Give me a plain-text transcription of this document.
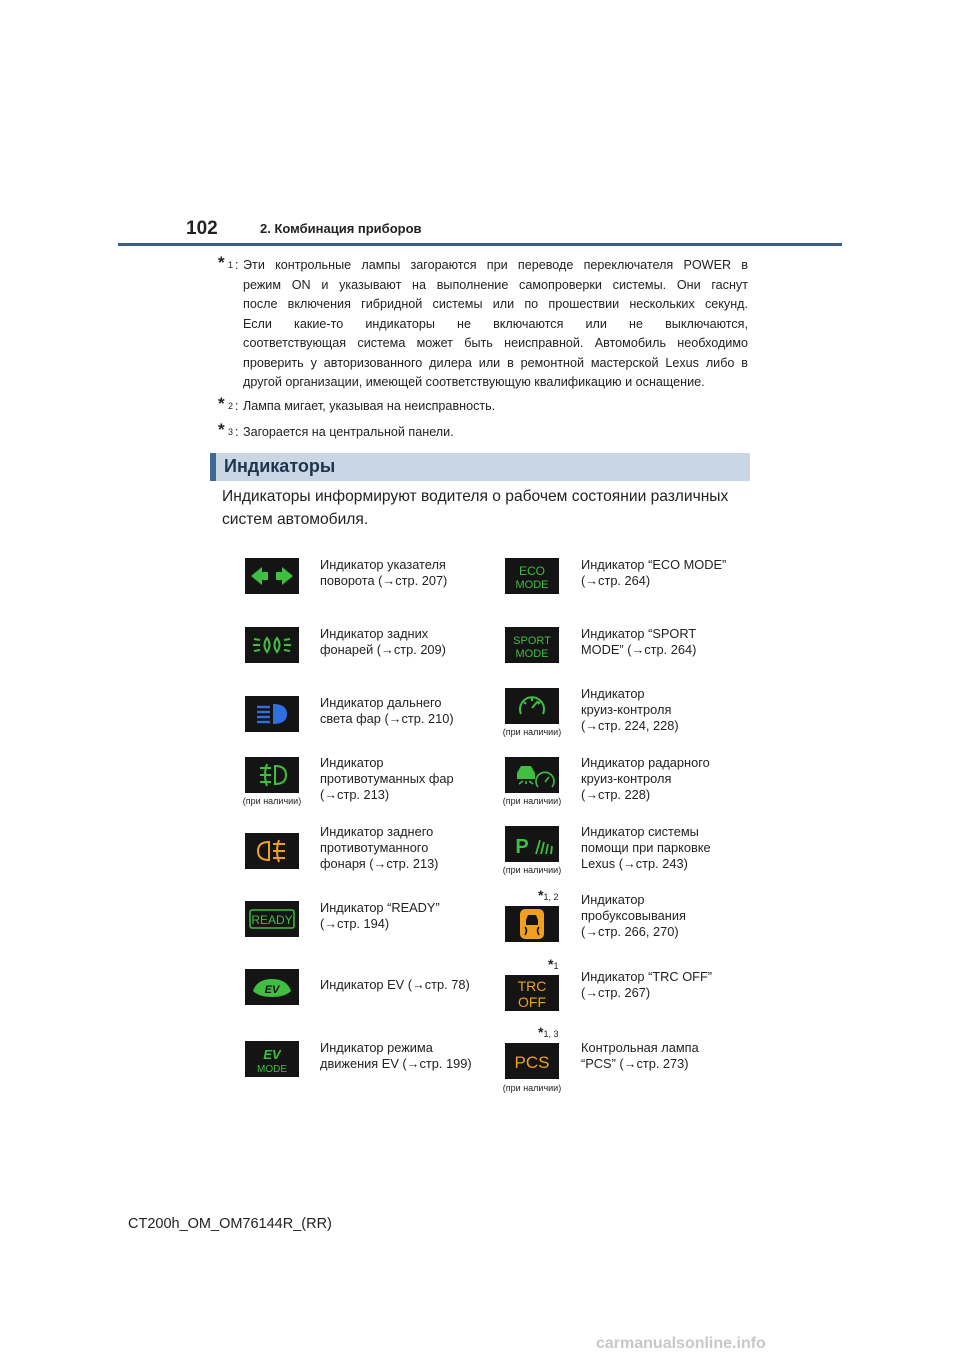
102	2. Комбинация приборов
* 1 : Эти контрольные лампы загораются при переводе переключателя POWER в
режим ON и указывают на выполнение самопроверки системы. Они гаснут
после включения гибридной системы или по прошествии нескольких секунд.
Если какие-то индикаторы не включаются или не выключаются,
соответствующая система может быть неисправной. Автомобиль необходимо
проверить у авторизованного дилера или в ремонтной мастерской Lexus либо в
другой организации, имеющей соответствующую квалификацию и оснащение.
* 2 : Лампа мигает, указывая на неисправность.
* 3 : Загорается на центральной панели.
Индикаторы
Индикаторы информируют водителя о рабочем состоянии различных
систем автомобиля.
Индикатор указателя
поворота (→стр. 207)
Индикатор задних
фонарей (→стр. 209)
Индикатор дальнего
света фар (→стр. 210)
(при наличии)
Индикатор
противотуманных фар
(→стр. 213)
Индикатор заднего
противотуманного
фонаря (→стр. 213)
READY
Индикатор “READY”
(→стр. 194)
EV	Индикатор EV (→стр. 78)
EV
MODE
Индикатор режима
движения EV (→стр. 199)
ECO
MODE
Индикатор “ECO MODE”
(→стр. 264)
SPORT
MODE
Индикатор “SPORT
MODE” (→стр. 264)
(при наличии)
Индикатор
круиз-контроля
(→стр. 224, 228)
(при наличии)
Индикатор радарного
круиз-контроля
(→стр. 228)
P
(при наличии)
Индикатор системы
помощи при парковке
Lexus (→стр. 243)
*1, 2 Индикатор
пробуксовывания
(→стр. 266, 270)
*1
TRC
OFF
Индикатор “TRC OFF”
(→стр. 267)
*1, 3
PCS
(при наличии)
Контрольная лампа
“PCS” (→стр. 273)
CT200h_OM_OM76144R_(RR)
carmanualsonline.info
